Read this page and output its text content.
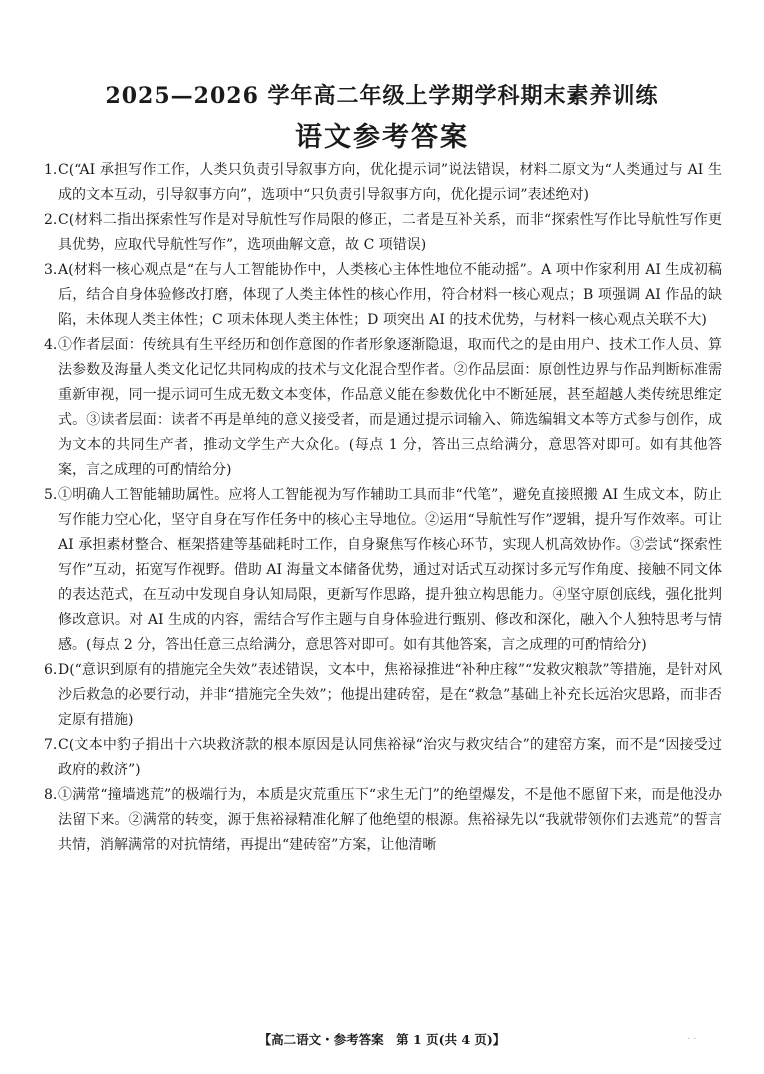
2025—2026 学年高二年级上学期学科期末素养训练
语文参考答案
1. C(“AI 承担写作工作，人类只负责引导叙事方向，优化提示词”说法错误，材料二原文为“人类通过与 AI 生成的文本互动，引导叙事方向”，选项中“只负责引导叙事方向，优化提示词”表述绝对)
2. C(材料二指出探索性写作是对导航性写作局限的修正，二者是互补关系，而非“探索性写作比导航性写作更具优势，应取代导航性写作”，选项曲解文意，故 C 项错误)
3. A(材料一核心观点是“在与人工智能协作中，人类核心主体性地位不能动摇”。A 项中作家利用 AI 生成初稿后，结合自身体验修改打磨，体现了人类主体性的核心作用，符合材料一核心观点；B 项强调 AI 作品的缺陷，未体现人类主体性；C 项未体现人类主体性；D 项突出 AI 的技术优势，与材料一核心观点关联不大)
4. ①作者层面：传统具有生平经历和创作意图的作者形象逐渐隐退，取而代之的是由用户、技术工作人员、算法参数及海量人类文化记忆共同构成的技术与文化混合型作者。②作品层面：原创性边界与作品判断标准需重新审视，同一提示词可生成无数文本变体，作品意义能在参数优化中不断延展，甚至超越人类传统思维定式。③读者层面：读者不再是单纯的意义接受者，而是通过提示词输入、筛选编辑文本等方式参与创作，成为文本的共同生产者，推动文学生产大众化。(每点 1 分，答出三点给满分，意思答对即可。如有其他答案，言之成理的可酌情给分)
5. ①明确人工智能辅助属性。应将人工智能视为写作辅助工具而非“代笔”，避免直接照搬 AI 生成文本，防止写作能力空心化，坚守自身在写作任务中的核心主导地位。②运用“导航性写作”逻辑，提升写作效率。可让 AI 承担素材整合、框架搭建等基础耗时工作，自身聚焦写作核心环节，实现人机高效协作。③尝试“探索性写作”互动，拓宽写作视野。借助 AI 海量文本储备优势，通过对话式互动探讨多元写作角度、接触不同文体的表达范式，在互动中发现自身认知局限，更新写作思路，提升独立构思能力。④坚守原创底线，强化批判修改意识。对 AI 生成的内容，需结合写作主题与自身体验进行甄别、修改和深化，融入个人独特思考与情感。(每点 2 分，答出任意三点给满分，意思答对即可。如有其他答案，言之成理的可酌情给分)
6. D(“意识到原有的措施完全失效”表述错误，文本中，焦裕禄推进“补种庄稼”“发救灾粮款”等措施，是针对风沙后救急的必要行动，并非“措施完全失效”；他提出建砖窑，是在“救急”基础上补充长远治灾思路，而非否定原有措施)
7. C(文本中豹子捐出十六块救济款的根本原因是认同焦裕禄“治灾与救灾结合”的建窑方案，而不是“因接受过政府的救济”)
8. ①满常“撞墙逃荒”的极端行为，本质是灾荒重压下“求生无门”的绝望爆发，不是他不愿留下来，而是他没办法留下来。②满常的转变，源于焦裕禄精准化解了他绝望的根源。焦裕禄先以“我就带领你们去逃荒”的誓言共情，消解满常的对抗情绪，再提出“建砖窑”方案，让他清晰
【高二语文・参考答案　第 1 页(共 4 页)】	· ·
